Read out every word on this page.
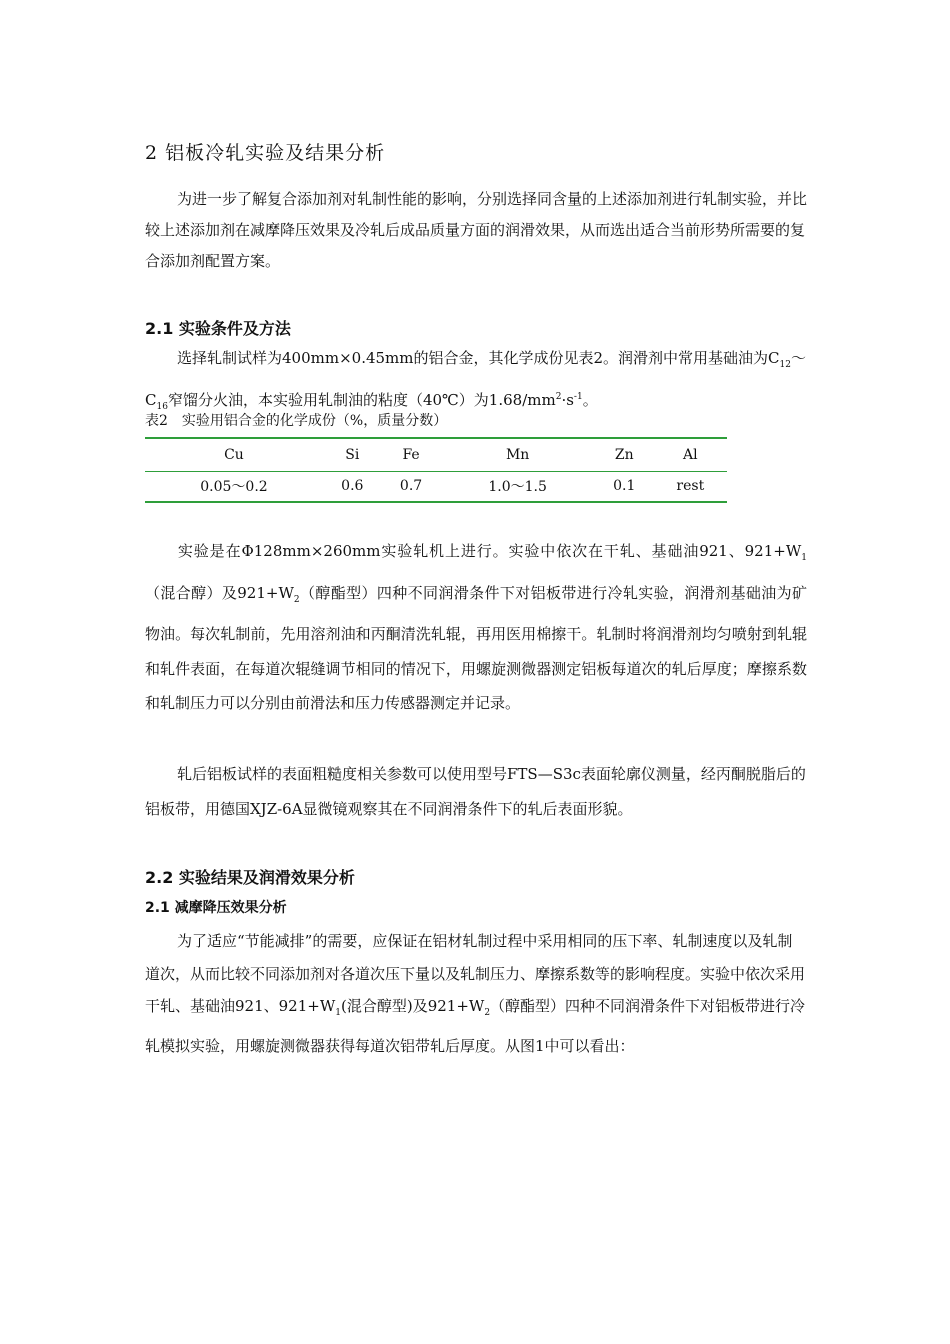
2 铝板冷轧实验及结果分析

为进一步了解复合添加剂对轧制性能的影响，分别选择同含量的上述添加剂进行轧制实验，并比较上述添加剂在减摩降压效果及冷轧后成品质量方面的润滑效果，从而选出适合当前形势所需要的复合添加剂配置方案。

2.1 实验条件及方法

选择轧制试样为400mm×0.45mm的铝合金，其化学成份见表2。润滑剂中常用基础油为$C_{12}\sim C_{16}$窄馏分火油，本实验用轧制油的粘度（40℃）为$1.68/mm^2\cdot s^{-1}$。

表2　实验用铝合金的化学成份（%，质量分数）
Cu	Si	Fe	Mn	Zn	Al
0.05～0.2	0.6	0.7	1.0～1.5	0.1	rest

实验是在Φ128mm×260mm实验轧机上进行。实验中依次在干轧、基础油921、$921+W_1$（混合醇）及$921+W_2$（醇酯型）四种不同润滑条件下对铝板带进行冷轧实验，润滑剂基础油为矿物油。每次轧制前，先用溶剂油和丙酮清洗轧辊，再用医用棉擦干。轧制时将润滑剂均匀喷射到轧辊和轧件表面，在每道次辊缝调节相同的情况下，用螺旋测微器测定铝板每道次的轧后厚度；摩擦系数和轧制压力可以分别由前滑法和压力传感器测定并记录。

轧后铝板试样的表面粗糙度相关参数可以使用型号FTS—S3c表面轮廓仪测量，经丙酮脱脂后的铝板带，用德国XJZ-6A显微镜观察其在不同润滑条件下的轧后表面形貌。

2.2 实验结果及润滑效果分析
2.1 减摩降压效果分析

为了适应“节能减排”的需要，应保证在铝材轧制过程中采用相同的压下率、轧制速度以及轧制道次，从而比较不同添加剂对各道次压下量以及轧制压力、摩擦系数等的影响程度。实验中依次采用干轧、基础油921、$921+W_1$(混合醇型)及$921+W_2$（醇酯型）四种不同润滑条件下对铝板带进行冷轧模拟实验，用螺旋测微器获得每道次铝带轧后厚度。从图1中可以看出：
